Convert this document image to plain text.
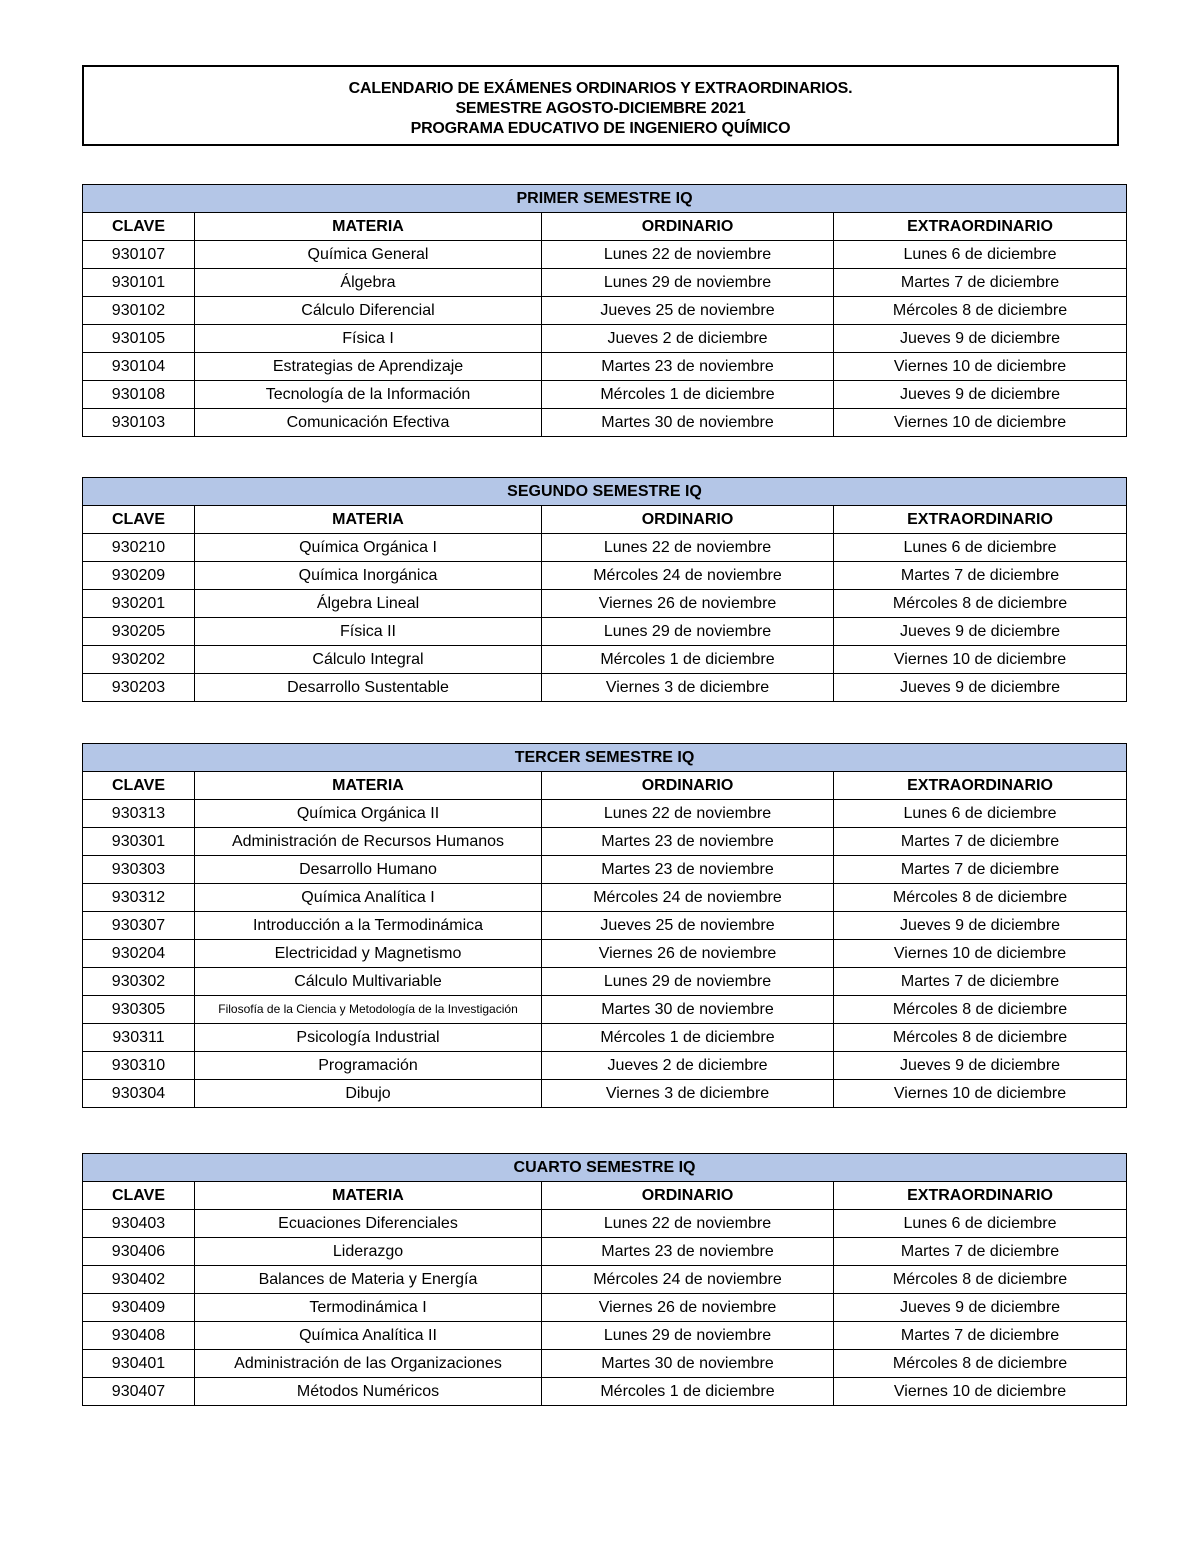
CALENDARIO DE EXÁMENES ORDINARIOS Y EXTRAORDINARIOS.
SEMESTRE AGOSTO-DICIEMBRE 2021
PROGRAMA EDUCATIVO DE INGENIERO QUÍMICO
PRIMER SEMESTRE IQ			
CLAVE	MATERIA	ORDINARIO	EXTRAORDINARIO
930107	Química General	Lunes 22 de noviembre	Lunes 6 de diciembre
930101	Álgebra	Lunes 29 de noviembre	Martes 7 de diciembre
930102	Cálculo Diferencial	Jueves 25 de noviembre	Mércoles 8 de diciembre
930105	Física I	Jueves 2 de diciembre	Jueves 9 de diciembre
930104	Estrategias de Aprendizaje	Martes 23 de noviembre	Viernes 10 de diciembre
930108	Tecnología de la Información	Mércoles 1 de diciembre	Jueves 9 de diciembre
930103	Comunicación Efectiva	Martes 30 de noviembre	Viernes 10 de diciembre
SEGUNDO SEMESTRE IQ			
CLAVE	MATERIA	ORDINARIO	EXTRAORDINARIO
930210	Química Orgánica I	Lunes 22 de noviembre	Lunes 6 de diciembre
930209	Química Inorgánica	Mércoles 24 de noviembre	Martes 7 de diciembre
930201	Álgebra Lineal	Viernes 26 de noviembre	Mércoles 8 de diciembre
930205	Física II	Lunes 29 de noviembre	Jueves 9 de diciembre
930202	Cálculo Integral	Mércoles 1 de diciembre	Viernes 10 de diciembre
930203	Desarrollo Sustentable	Viernes 3 de diciembre	Jueves 9 de diciembre
TERCER SEMESTRE IQ			
CLAVE	MATERIA	ORDINARIO	EXTRAORDINARIO
930313	Química Orgánica II	Lunes 22 de noviembre	Lunes 6 de diciembre
930301	Administración de Recursos Humanos	Martes 23 de noviembre	Martes 7 de diciembre
930303	Desarrollo Humano	Martes 23 de noviembre	Martes 7 de diciembre
930312	Química Analítica I	Mércoles 24 de noviembre	Mércoles 8 de diciembre
930307	Introducción a la Termodinámica	Jueves 25 de noviembre	Jueves 9 de diciembre
930204	Electricidad y Magnetismo	Viernes 26 de noviembre	Viernes 10 de diciembre
930302	Cálculo Multivariable	Lunes 29 de noviembre	Martes 7 de diciembre
930305	Filosofía de la Ciencia y Metodología de la Investigación	Martes 30 de noviembre	Mércoles 8 de diciembre
930311	Psicología Industrial	Mércoles 1 de diciembre	Mércoles 8 de diciembre
930310	Programación	Jueves 2 de diciembre	Jueves 9 de diciembre
930304	Dibujo	Viernes 3 de diciembre	Viernes 10 de diciembre
CUARTO SEMESTRE IQ			
CLAVE	MATERIA	ORDINARIO	EXTRAORDINARIO
930403	Ecuaciones Diferenciales	Lunes 22 de noviembre	Lunes 6 de diciembre
930406	Liderazgo	Martes 23 de noviembre	Martes 7 de diciembre
930402	Balances de Materia y Energía	Mércoles 24 de noviembre	Mércoles 8 de diciembre
930409	Termodinámica I	Viernes 26 de noviembre	Jueves 9 de diciembre
930408	Química Analítica II	Lunes 29 de noviembre	Martes 7 de diciembre
930401	Administración de las Organizaciones	Martes 30 de noviembre	Mércoles 8 de diciembre
930407	Métodos Numéricos	Mércoles 1 de diciembre	Viernes 10 de diciembre
